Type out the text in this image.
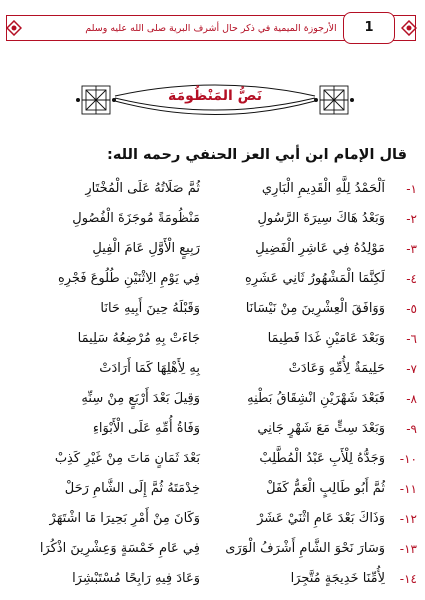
الأرجوزة الميمية في ذكر حال أشرف البرية صلى الله عليه وسلم	1
نَصُّ المَنْظُومَة
قال الإمام ابن أبي العز الحنفي رحمه الله:
١-
اَلْحَمْدُ لِلَّهِ الْقَدِيمِ الْبَارِي
ثُمَّ صَلَاتُهُ عَلَى الْمُخْتَارِ
٢-
وَبَعْدُ هَاكَ سِيرَةَ الرَّسُولِ
مَنْظُومَةً مُوجَزَةَ الْفُصُولِ
٣-
مَوْلِدُهُ فِي عَاشِرِ الْفَضِيلِ
رَبِيعٍ الْأَوَّلِ عَامَ الْفِيلِ
٤-
لَكِنَّمَا الْمَشْهُورُ ثَانِي عَشَرِهِ
فِي يَوْمِ الِاثْنَيْنِ طُلُوعَ فَجْرِهِ
٥-
وَوَافَقَ الْعِشْرِينَ مِنْ نَيْسَانَا
وَقَبْلَهُ حِينَ أَبِيهِ حَانَا
٦-
وَبَعْدَ عَامَيْنِ غَدَا فَطِيمَا
جَاءَتْ بِهِ مُرْضِعُهُ سَلِيمَا
٧-
حَلِيمَةٌ لِأُمِّهِ وَعَادَتْ
بِهِ لِأَهْلِهَا كَمَا أَرَادَتْ
٨-
فَبَعْدَ شَهْرَيْنِ انْشِقَاقُ بَطْنِهِ
وَقِيلَ بَعْدَ أَرْبَعٍ مِنْ سِنِّهِ
٩-
وَبَعْدَ سِتٍّ مَعَ شَهْرٍ جَانِي
وَفَاةُ أُمِّهِ عَلَى الْأَبْوَاءِ
١٠-
وَجَدُّهُ لِلْأَبِ عَبْدُ الْمُطَّلِبْ
بَعْدَ ثَمَانٍ مَاتَ مِنْ غَيْرِ كَذِبْ
١١-
ثُمَّ أَبُو طَالِبٍ الْعَمُّ كَفَلْ
خِدْمَتَهُ ثُمَّ إِلَى الشَّامِ رَحَلْ
١٢-
وَذَاكَ بَعْدَ عَامِ اثْنَيْ عَشَرْ
وَكَانَ مِنْ أَمْرِ بَحِيرَا مَا اشْتَهَرْ
١٣-
وَسَارَ نَحْوَ الشَّامِ أَشْرَفُ الْوَرَى
فِي عَامِ خَمْسَةٍ وَعِشْرِينَ اذْكُرَا
١٤-
لِأُمِّنَا خَدِيجَةٍ مُتَّجِرَا
وَعَادَ فِيهِ رَابِحًا مُسْتَبْشِرَا
